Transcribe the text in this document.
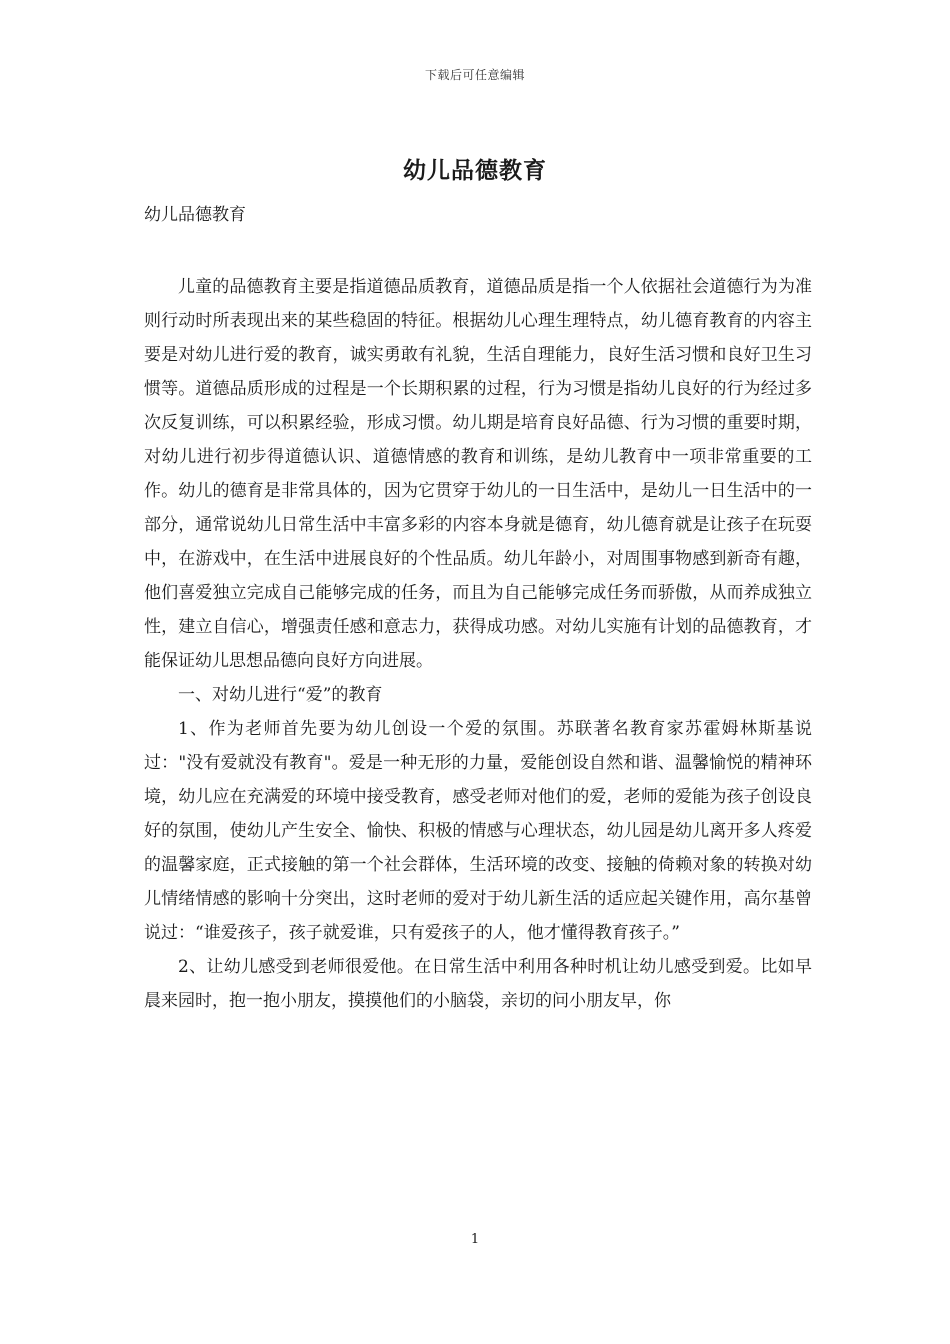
下载后可任意编辑
幼儿品德教育
幼儿品德教育

儿童的品德教育主要是指道德品质教育，道德品质是指一个人依据社会道德行为为准则行动时所表现出来的某些稳固的特征。根据幼儿心理生理特点，幼儿德育教育的内容主要是对幼儿进行爱的教育，诚实勇敢有礼貌，生活自理能力，良好生活习惯和良好卫生习惯等。道德品质形成的过程是一个长期积累的过程，行为习惯是指幼儿良好的行为经过多次反复训练，可以积累经验，形成习惯。幼儿期是培育良好品德、行为习惯的重要时期，对幼儿进行初步得道德认识、道德情感的教育和训练，是幼儿教育中一项非常重要的工作。幼儿的德育是非常具体的，因为它贯穿于幼儿的一日生活中，是幼儿一日生活中的一部分，通常说幼儿日常生活中丰富多彩的内容本身就是德育，幼儿德育就是让孩子在玩耍中，在游戏中，在生活中进展良好的个性品质。幼儿年龄小，对周围事物感到新奇有趣，他们喜爱独立完成自己能够完成的任务，而且为自己能够完成任务而骄傲，从而养成独立性，建立自信心，增强责任感和意志力，获得成功感。对幼儿实施有计划的品德教育，才能保证幼儿思想品德向良好方向进展。

一、对幼儿进行“爱”的教育

1、作为老师首先要为幼儿创设一个爱的氛围。苏联著名教育家苏霍姆林斯基说过："没有爱就没有教育"。爱是一种无形的力量，爱能创设自然和谐、温馨愉悦的精神环境，幼儿应在充满爱的环境中接受教育，感受老师对他们的爱，老师的爱能为孩子创设良好的氛围，使幼儿产生安全、愉快、积极的情感与心理状态，幼儿园是幼儿离开多人疼爱的温馨家庭，正式接触的第一个社会群体，生活环境的改变、接触的倚赖对象的转换对幼儿情绪情感的影响十分突出，这时老师的爱对于幼儿新生活的适应起关键作用，高尔基曾说过：“谁爱孩子，孩子就爱谁，只有爱孩子的人，他才懂得教育孩子。”

2、让幼儿感受到老师很爱他。在日常生活中利用各种时机让幼儿感受到爱。比如早晨来园时，抱一抱小朋友，摸摸他们的小脑袋，亲切的问小朋友早，你

1
